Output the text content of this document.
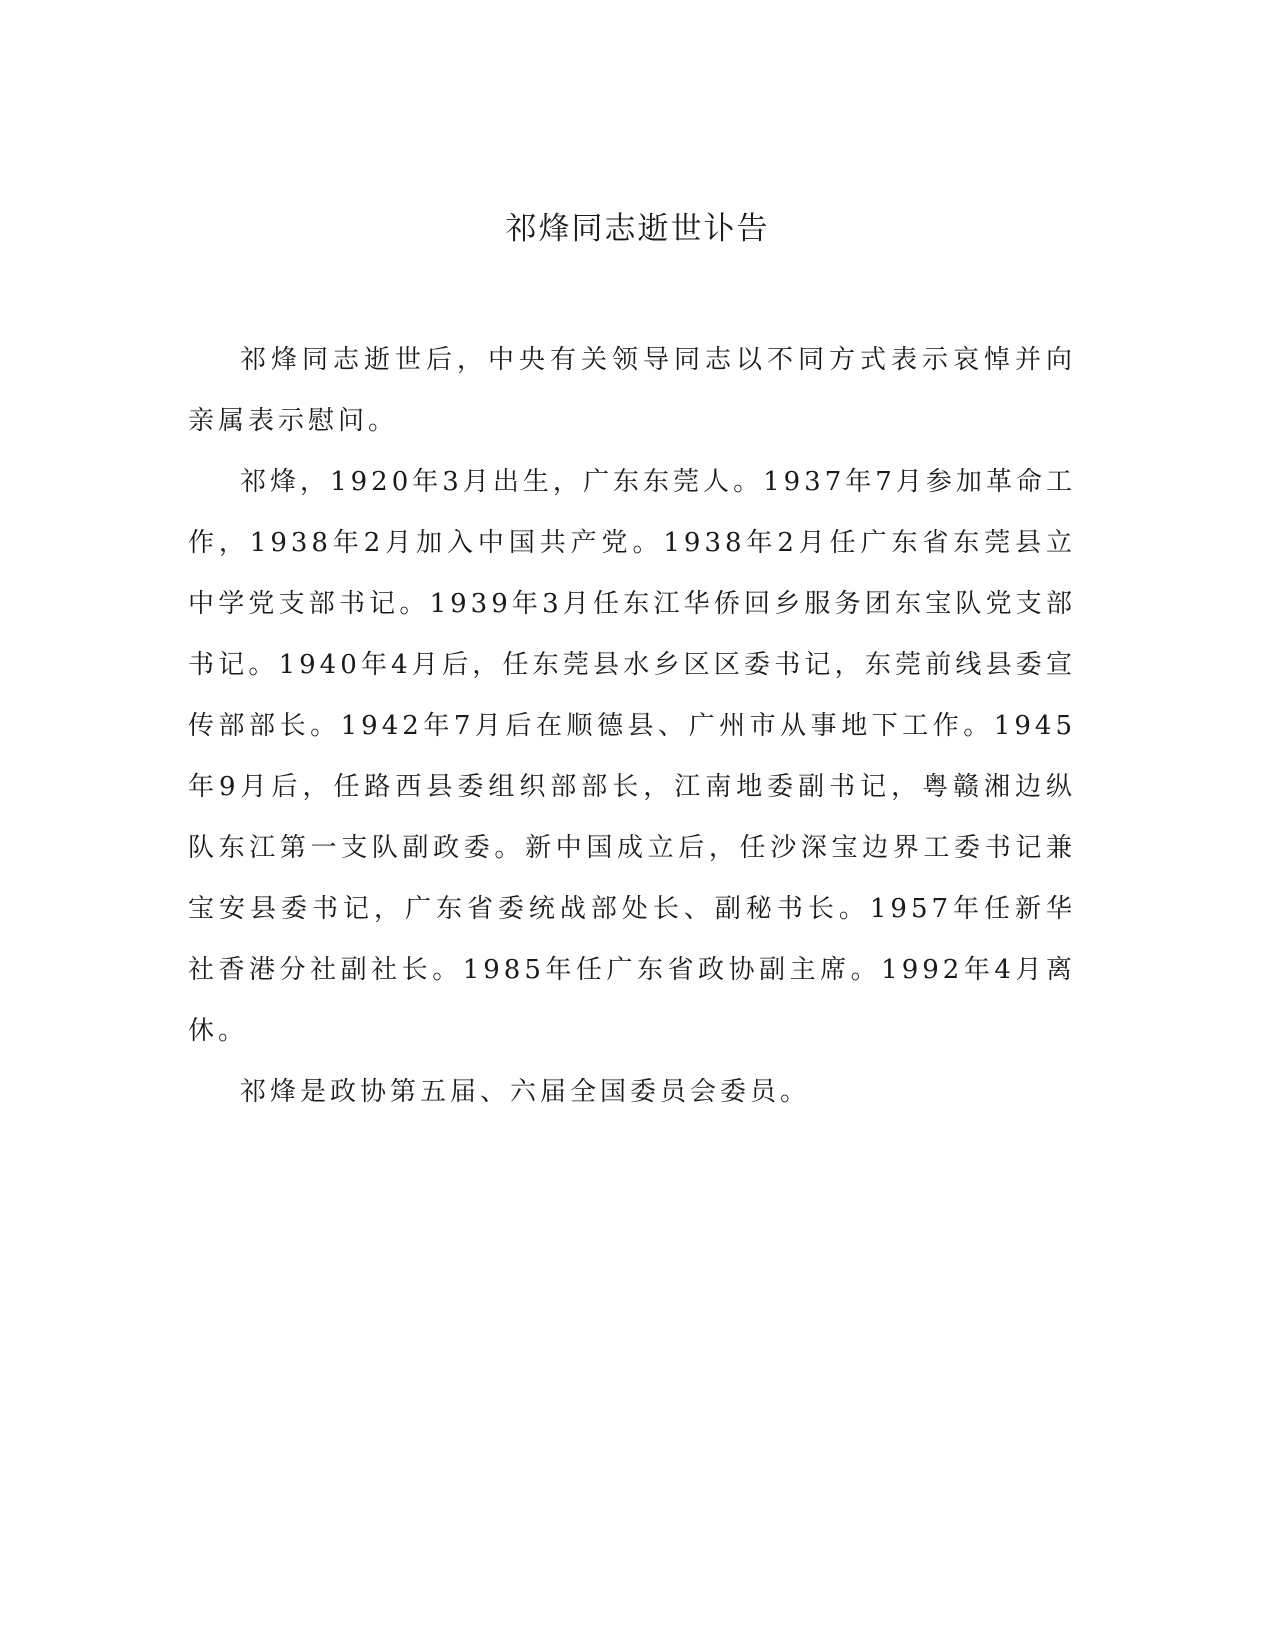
祁烽同志逝世讣告

祁烽同志逝世后，中央有关领导同志以不同方式表示哀悼并向亲属表示慰问。

祁烽，1920年3月出生，广东东莞人。1937年7月参加革命工作，1938年2月加入中国共产党。1938年2月任广东省东莞县立中学党支部书记。1939年3月任东江华侨回乡服务团东宝队党支部书记。1940年4月后，任东莞县水乡区区委书记，东莞前线县委宣传部部长。1942年7月后在顺德县、广州市从事地下工作。1945年9月后，任路西县委组织部部长，江南地委副书记，粤赣湘边纵队东江第一支队副政委。新中国成立后，任沙深宝边界工委书记兼宝安县委书记，广东省委统战部处长、副秘书长。1957年任新华社香港分社副社长。1985年任广东省政协副主席。1992年4月离休。

祁烽是政协第五届、六届全国委员会委员。
